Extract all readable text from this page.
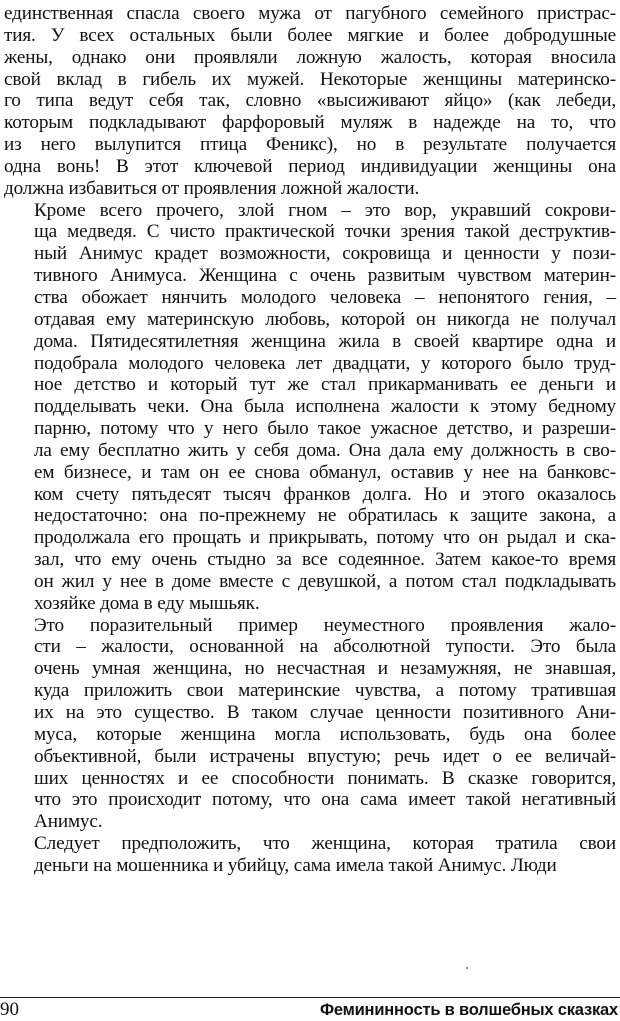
единственная спасла своего мужа от пагубного семейного пристрас-
тия. У всех остальных были более мягкие и более добродушные
жены, однако они проявляли ложную жалость, которая вносила
свой вклад в гибель их мужей. Некоторые женщины материнско-
го типа ведут себя так, словно «высиживают яйцо» (как лебеди,
которым подкладывают фарфоровый муляж в надежде на то, что
из него вылупится птица Феникс), но в результате получается
одна вонь! В этот ключевой период индивидуации женщины она
должна избавиться от проявления ложной жалости.
Кроме всего прочего, злой гном – это вор, укравший сокрови-
ща медведя. С чисто практической точки зрения такой деструктив-
ный Анимус крадет возможности, сокровища и ценности у пози-
тивного Анимуса. Женщина с очень развитым чувством материн-
ства обожает нянчить молодого человека – непонятого гения, –
отдавая ему материнскую любовь, которой он никогда не получал
дома. Пятидесятилетняя женщина жила в своей квартире одна и
подобрала молодого человека лет двадцати, у которого было труд-
ное детство и который тут же стал прикарманивать ее деньги и
подделывать чеки. Она была исполнена жалости к этому бедному
парню, потому что у него было такое ужасное детство, и разреши-
ла ему бесплатно жить у себя дома. Она дала ему должность в сво-
ем бизнесе, и там он ее снова обманул, оставив у нее на банковс-
ком счету пятьдесят тысяч франков долга. Но и этого оказалось
недостаточно: она по-прежнему не обратилась к защите закона, а
продолжала его прощать и прикрывать, потому что он рыдал и ска-
зал, что ему очень стыдно за все содеянное. Затем какое-то время
он жил у нее в доме вместе с девушкой, а потом стал подкладывать
хозяйке дома в еду мышьяк.
Это поразительный пример неуместного проявления жало-
сти – жалости, основанной на абсолютной тупости. Это была
очень умная женщина, но несчастная и незамужняя, не знавшая,
куда приложить свои материнские чувства, а потому тратившая
их на это существо. В таком случае ценности позитивного Ани-
муса, которые женщина могла использовать, будь она более
объективной, были истрачены впустую; речь идет о ее величай-
ших ценностях и ее способности понимать. В сказке говорится,
что это происходит потому, что она сама имеет такой негативный
Анимус.
Следует предположить, что женщина, которая тратила свои
деньги на мошенника и убийцу, сама имела такой Анимус. Люди
90	Фемининность в волшебных сказках
